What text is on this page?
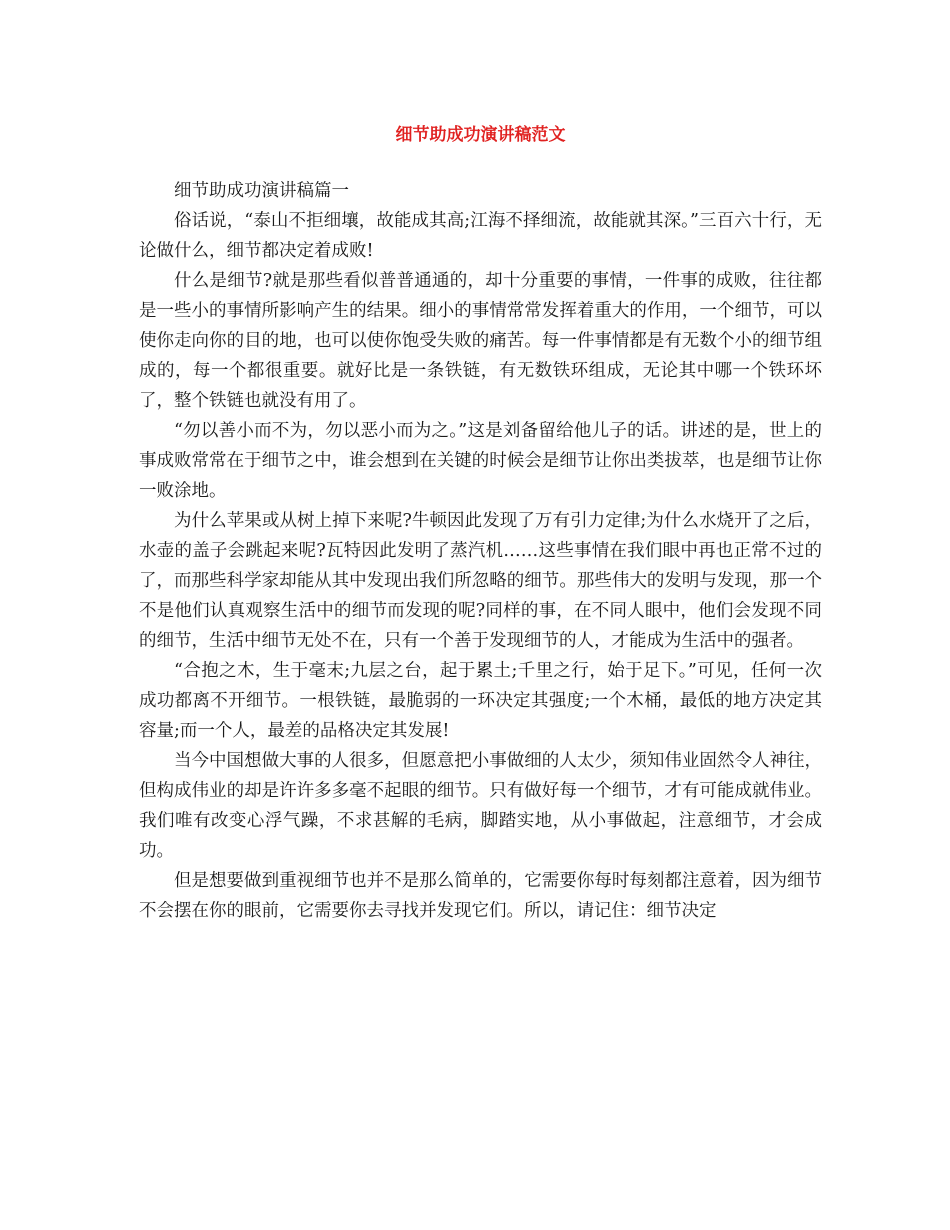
细节助成功演讲稿范文

细节助成功演讲稿篇一

俗话说，“泰山不拒细壤，故能成其高;江海不择细流，故能就其深。”三百六十行，无论做什么，细节都决定着成败!

什么是细节?就是那些看似普普通通的，却十分重要的事情，一件事的成败，往往都是一些小的事情所影响产生的结果。细小的事情常常发挥着重大的作用，一个细节，可以使你走向你的目的地，也可以使你饱受失败的痛苦。每一件事情都是有无数个小的细节组成的，每一个都很重要。就好比是一条铁链，有无数铁环组成，无论其中哪一个铁环坏了，整个铁链也就没有用了。

“勿以善小而不为，勿以恶小而为之。”这是刘备留给他儿子的话。讲述的是，世上的事成败常常在于细节之中，谁会想到在关键的时候会是细节让你出类拔萃，也是细节让你一败涂地。

为什么苹果或从树上掉下来呢?牛顿因此发现了万有引力定律;为什么水烧开了之后，水壶的盖子会跳起来呢?瓦特因此发明了蒸汽机……这些事情在我们眼中再也正常不过的了，而那些科学家却能从其中发现出我们所忽略的细节。那些伟大的发明与发现，那一个不是他们认真观察生活中的细节而发现的呢?同样的事，在不同人眼中，他们会发现不同的细节，生活中细节无处不在，只有一个善于发现细节的人，才能成为生活中的强者。

“合抱之木，生于毫末;九层之台，起于累土;千里之行，始于足下。”可见，任何一次成功都离不开细节。一根铁链，最脆弱的一环决定其强度;一个木桶，最低的地方决定其容量;而一个人，最差的品格决定其发展!

当今中国想做大事的人很多，但愿意把小事做细的人太少，须知伟业固然令人神往，但构成伟业的却是许许多多毫不起眼的细节。只有做好每一个细节，才有可能成就伟业。我们唯有改变心浮气躁，不求甚解的毛病，脚踏实地，从小事做起，注意细节，才会成功。

但是想要做到重视细节也并不是那么简单的，它需要你每时每刻都注意着，因为细节不会摆在你的眼前，它需要你去寻找并发现它们。所以，请记住：细节决定
